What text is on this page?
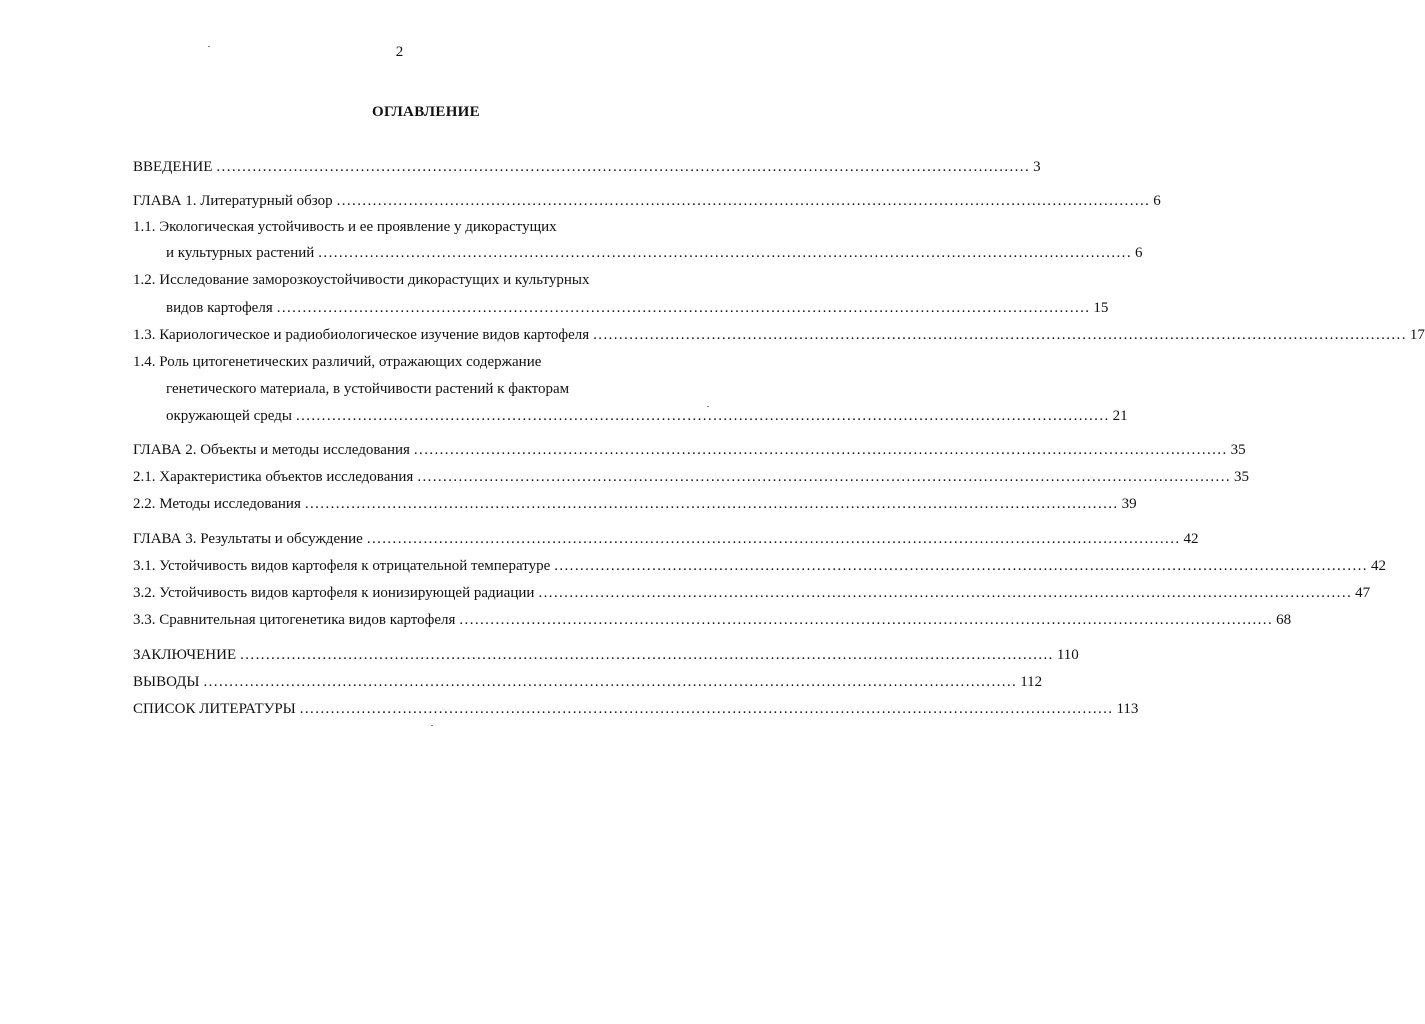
2
ОГЛАВЛЕНИЕ
ВВЕДЕНИЕ .............................................................................................................................................................. 3
ГЛАВА 1. Литературный обзор .............................................................................................................................................................. 6
1.1. Экологическая устойчивость и ее проявление у дикорастущих
и культурных растений .............................................................................................................................................................. 6
1.2. Исследование заморозкоустойчивости дикорастущих и культурных
видов картофеля .............................................................................................................................................................. 15
1.3. Кариологическое и радиобиологическое изучение видов картофеля .............................................................................................................................................................. 17
1.4. Роль цитогенетических различий, отражающих содержание
генетического материала, в устойчивости растений к факторам
окружающей среды .............................................................................................................................................................. 21
ГЛАВА 2. Объекты и методы исследования .............................................................................................................................................................. 35
2.1. Характеристика объектов исследования .............................................................................................................................................................. 35
2.2. Методы исследования .............................................................................................................................................................. 39
ГЛАВА 3. Результаты и обсуждение .............................................................................................................................................................. 42
3.1. Устойчивость видов картофеля к отрицательной температуре .............................................................................................................................................................. 42
3.2. Устойчивость видов картофеля к ионизирующей радиации .............................................................................................................................................................. 47
3.3. Сравнительная цитогенетика видов картофеля .............................................................................................................................................................. 68
ЗАКЛЮЧЕНИЕ .............................................................................................................................................................. 110
ВЫВОДЫ .............................................................................................................................................................. 112
СПИСОК ЛИТЕРАТУРЫ .............................................................................................................................................................. 113
